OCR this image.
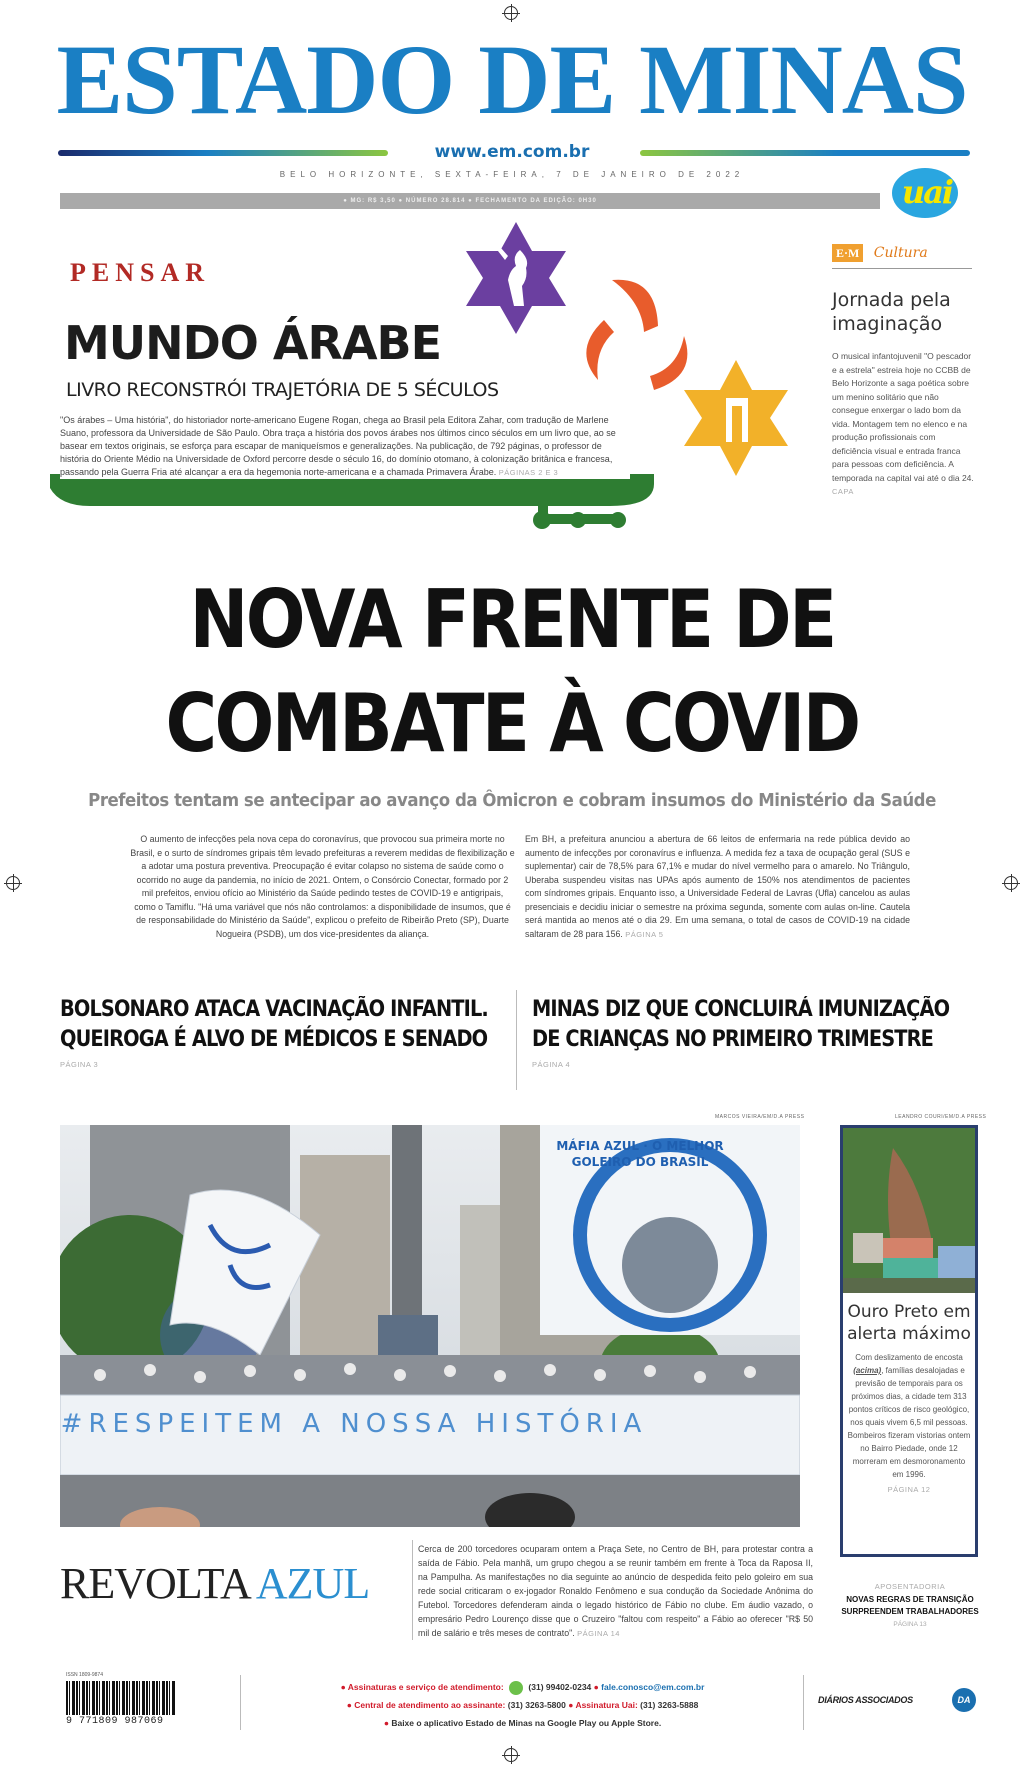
ESTADO DE MINAS
www.em.com.br
BELO HORIZONTE, SEXTA-FEIRA, 7 DE JANEIRO DE 2022
● MG: R$ 3,50 ● NÚMERO 28.814 ● FECHAMENTO DA EDIÇÃO: 0H30	uai
PENSAR
MUNDO ÁRABE
LIVRO RECONSTRÓI TRAJETÓRIA DE 5 SÉCULOS
"Os árabes – Uma história", do historiador norte-americano Eugene Rogan, chega ao Brasil pela Editora Zahar, com tradução de Marlene Suano, professora da Universidade de São Paulo. Obra traça a história dos povos árabes nos últimos cinco séculos em um livro que, ao se basear em textos originais, se esforça para escapar de maniqueísmos e generalizações. Na publicação, de 792 páginas, o professor de história do Oriente Médio na Universidade de Oxford percorre desde o século 16, do domínio otomano, à colonização britânica e francesa, passando pela Guerra Fria até alcançar a era da hegemonia norte-americana e a chamada Primavera Árabe. PÁGINAS 2 E 3
E·M Cultura
Jornada pela imaginação
O musical infantojuvenil "O pescador e a estrela" estreia hoje no CCBB de Belo Horizonte a saga poética sobre um menino solitário que não consegue enxergar o lado bom da vida. Montagem tem no elenco e na produção profissionais com deficiência visual e entrada franca para pessoas com deficiência. A temporada na capital vai até o dia 24. CAPA
NOVA FRENTE DE
COMBATE À COVID
Prefeitos tentam se antecipar ao avanço da Ômicron e cobram insumos do Ministério da Saúde
O aumento de infecções pela nova cepa do coronavírus, que provocou sua primeira morte no Brasil, e o surto de síndromes gripais têm levado prefeituras a reverem medidas de flexibilização e a adotar uma postura preventiva. Preocupação é evitar colapso no sistema de saúde como o ocorrido no auge da pandemia, no início de 2021. Ontem, o Consórcio Conectar, formado por 2 mil prefeitos, enviou ofício ao Ministério da Saúde pedindo testes de COVID-19 e antigripais, como o Tamiflu. "Há uma variável que nós não controlamos: a disponibilidade de insumos, que é de responsabilidade do Ministério da Saúde", explicou o prefeito de Ribeirão Preto (SP), Duarte Nogueira (PSDB), um dos vice-presidentes da aliança.
Em BH, a prefeitura anunciou a abertura de 66 leitos de enfermaria na rede pública devido ao aumento de infecções por coronavírus e influenza. A medida fez a taxa de ocupação geral (SUS e suplementar) cair de 78,5% para 67,1% e mudar do nível vermelho para o amarelo. No Triângulo, Uberaba suspendeu visitas nas UPAs após aumento de 150% nos atendimentos de pacientes com síndromes gripais. Enquanto isso, a Universidade Federal de Lavras (Ufla) cancelou as aulas presenciais e decidiu iniciar o semestre na próxima segunda, somente com aulas on-line. Cautela será mantida ao menos até o dia 29. Em uma semana, o total de casos de COVID-19 na cidade saltaram de 28 para 156. PÁGINA 5
BOLSONARO ATACA VACINAÇÃO INFANTIL. QUEIROGA É ALVO DE MÉDICOS E SENADO
PÁGINA 3
MINAS DIZ QUE CONCLUIRÁ IMUNIZAÇÃO DE CRIANÇAS NO PRIMEIRO TRIMESTRE
PÁGINA 4
MARCOS VIEIRA/EM/D.A PRESS	LEANDRO COURI/EM/D.A PRESS
MÁFIA AZUL · O MELHOR GOLEIRO DO BRASIL
#RESPEITEM A NOSSA HISTÓRIA
Ouro Preto em alerta máximo
Com deslizamento de encosta (acima), famílias desalojadas e previsão de temporais para os próximos dias, a cidade tem 313 pontos críticos de risco geológico, nos quais vivem 6,5 mil pessoas. Bombeiros fizeram vistorias ontem no Bairro Piedade, onde 12 morreram em desmoronamento em 1996.
PÁGINA 12
REVOLTA AZUL
Cerca de 200 torcedores ocuparam ontem a Praça Sete, no Centro de BH, para protestar contra a saída de Fábio. Pela manhã, um grupo chegou a se reunir também em frente à Toca da Raposa II, na Pampulha. As manifestações no dia seguinte ao anúncio de despedida feito pelo goleiro em sua rede social criticaram o ex-jogador Ronaldo Fenômeno e sua condução da Sociedade Anônima do Futebol. Torcedores defenderam ainda o legado histórico de Fábio no clube. Em áudio vazado, o empresário Pedro Lourenço disse que o Cruzeiro "faltou com respeito" a Fábio ao oferecer "R$ 50 mil de salário e três meses de contrato". PÁGINA 14
APOSENTADORIA
NOVAS REGRAS DE TRANSIÇÃO SURPREENDEM TRABALHADORES
PÁGINA 13
ISSN 1809-9874
9 771809 987069
● Assinaturas e serviço de atendimento:	(31) 99402-0234 ● fale.conosco@em.com.br
● Central de atendimento ao assinante: (31) 3263-5800 ● Assinatura Uai: (31) 3263-5888
● Baixe o aplicativo Estado de Minas na Google Play ou Apple Store.
DIÁRIOS ASSOCIADOS	DA
